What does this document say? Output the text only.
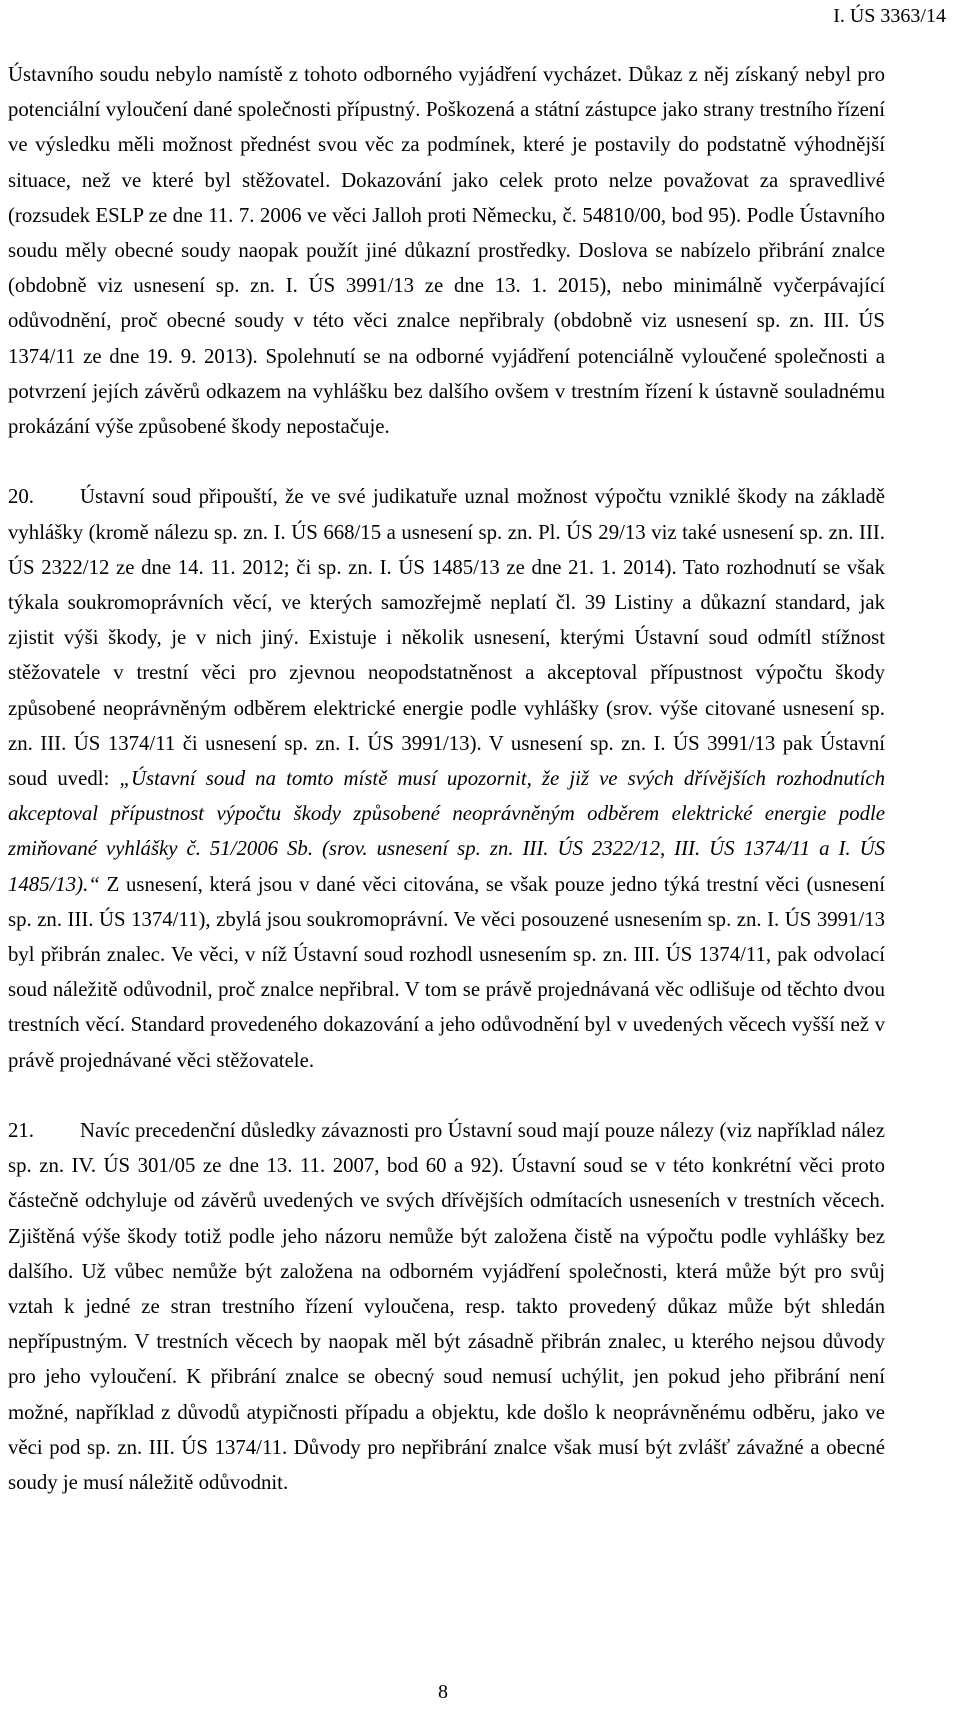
I. ÚS 3363/14

Ústavního soudu nebylo namístě z tohoto odborného vyjádření vycházet. Důkaz z něj získaný nebyl pro potenciální vyloučení dané společnosti přípustný. Poškozená a státní zástupce jako strany trestního řízení ve výsledku měli možnost přednést svou věc za podmínek, které je postavily do podstatně výhodnější situace, než ve které byl stěžovatel. Dokazování jako celek proto nelze považovat za spravedlivé (rozsudek ESLP ze dne 11. 7. 2006 ve věci Jalloh proti Německu, č. 54810/00, bod 95). Podle Ústavního soudu měly obecné soudy naopak použít jiné důkazní prostředky. Doslova se nabízelo přibrání znalce (obdobně viz usnesení sp. zn. I. ÚS 3991/13 ze dne 13. 1. 2015), nebo minimálně vyčerpávající odůvodnění, proč obecné soudy v této věci znalce nepřibraly (obdobně viz usnesení sp. zn. III. ÚS 1374/11 ze dne 19. 9. 2013). Spolehnutí se na odborné vyjádření potenciálně vyloučené společnosti a potvrzení jejích závěrů odkazem na vyhlášku bez dalšího ovšem v trestním řízení k ústavně souladnému prokázání výše způsobené škody nepostačuje.

20. Ústavní soud připouští, že ve své judikatuře uznal možnost výpočtu vzniklé škody na základě vyhlášky (kromě nálezu sp. zn. I. ÚS 668/15 a usnesení sp. zn. Pl. ÚS 29/13 viz také usnesení sp. zn. III. ÚS 2322/12 ze dne 14. 11. 2012; či sp. zn. I. ÚS 1485/13 ze dne 21. 1. 2014). Tato rozhodnutí se však týkala soukromoprávních věcí, ve kterých samozřejmě neplatí čl. 39 Listiny a důkazní standard, jak zjistit výši škody, je v nich jiný. Existuje i několik usnesení, kterými Ústavní soud odmítl stížnost stěžovatele v trestní věci pro zjevnou neopodstatněnost a akceptoval přípustnost výpočtu škody způsobené neoprávněným odběrem elektrické energie podle vyhlášky (srov. výše citované usnesení sp. zn. III. ÚS 1374/11 či usnesení sp. zn. I. ÚS 3991/13). V usnesení sp. zn. I. ÚS 3991/13 pak Ústavní soud uvedl: „Ústavní soud na tomto místě musí upozornit, že již ve svých dřívějších rozhodnutích akceptoval přípustnost výpočtu škody způsobené neoprávněným odběrem elektrické energie podle zmiňované vyhlášky č. 51/2006 Sb. (srov. usnesení sp. zn. III. ÚS 2322/12, III. ÚS 1374/11 a I. ÚS 1485/13).“ Z usnesení, která jsou v dané věci citována, se však pouze jedno týká trestní věci (usnesení sp. zn. III. ÚS 1374/11), zbylá jsou soukromoprávní. Ve věci posouzené usnesením sp. zn. I. ÚS 3991/13 byl přibrán znalec. Ve věci, v níž Ústavní soud rozhodl usnesením sp. zn. III. ÚS 1374/11, pak odvolací soud náležitě odůvodnil, proč znalce nepřibral. V tom se právě projednávaná věc odlišuje od těchto dvou trestních věcí. Standard provedeného dokazování a jeho odůvodnění byl v uvedených věcech vyšší než v právě projednávané věci stěžovatele.

21. Navíc precedenční důsledky závaznosti pro Ústavní soud mají pouze nálezy (viz například nález sp. zn. IV. ÚS 301/05 ze dne 13. 11. 2007, bod 60 a 92). Ústavní soud se v této konkrétní věci proto částečně odchyluje od závěrů uvedených ve svých dřívějších odmítacích usneseních v trestních věcech. Zjištěná výše škody totiž podle jeho názoru nemůže být založena čistě na výpočtu podle vyhlášky bez dalšího. Už vůbec nemůže být založena na odborném vyjádření společnosti, která může být pro svůj vztah k jedné ze stran trestního řízení vyloučena, resp. takto provedený důkaz může být shledán nepřípustným. V trestních věcech by naopak měl být zásadně přibrán znalec, u kterého nejsou důvody pro jeho vyloučení. K přibrání znalce se obecný soud nemusí uchýlit, jen pokud jeho přibrání není možné, například z důvodů atypičnosti případu a objektu, kde došlo k neoprávněnému odběru, jako ve věci pod sp. zn. III. ÚS 1374/11. Důvody pro nepřibrání znalce však musí být zvlášť závažné a obecné soudy je musí náležitě odůvodnit.

8
